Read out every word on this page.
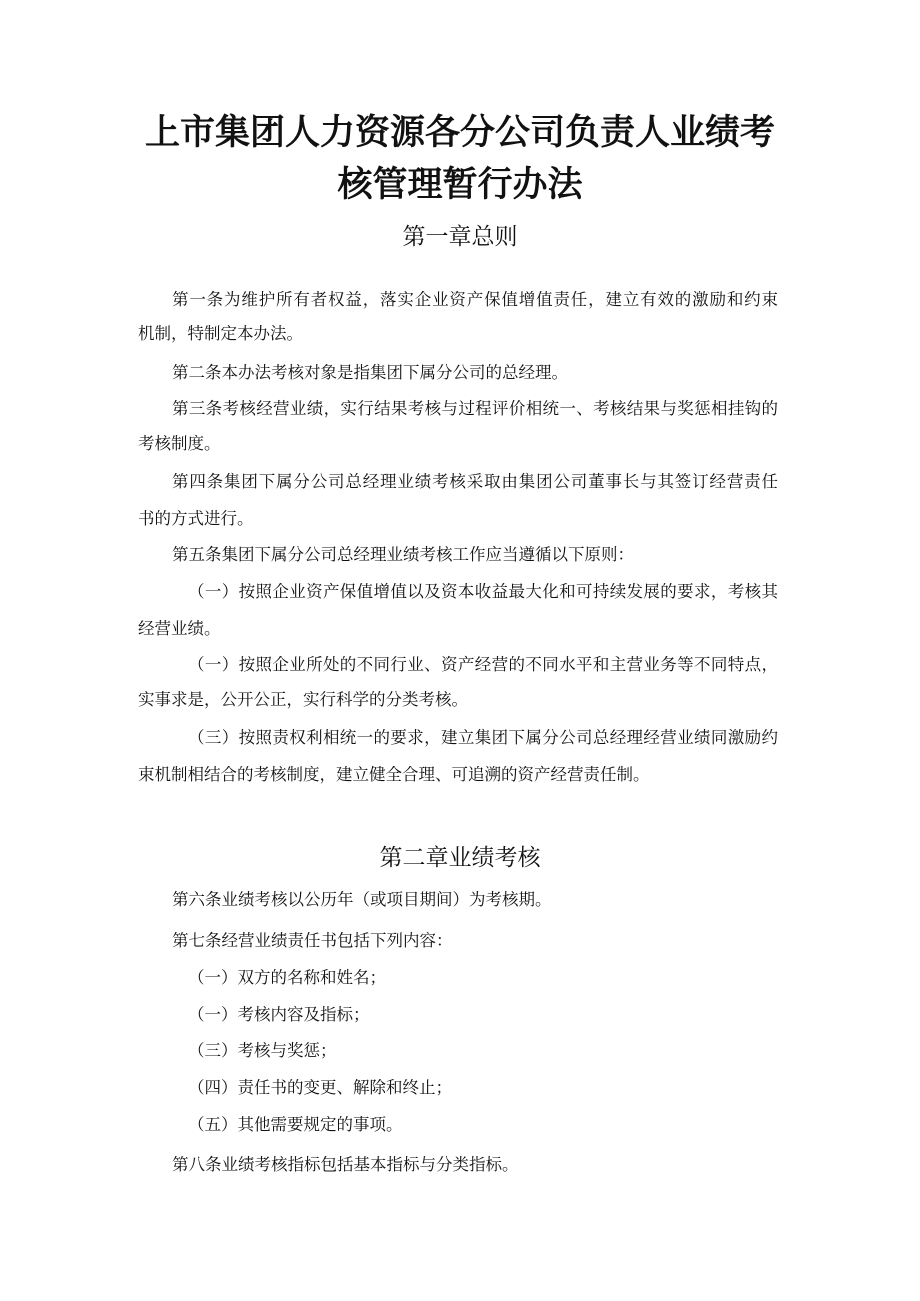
上市集团人力资源各分公司负责人业绩考
核管理暂行办法
第一章总则
第一条为维护所有者权益，落实企业资产保值增值责任，建立有效的激励和约束
机制，特制定本办法。
第二条本办法考核对象是指集团下属分公司的总经理。
第三条考核经营业绩，实行结果考核与过程评价相统一、考核结果与奖惩相挂钩的
考核制度。
第四条集团下属分公司总经理业绩考核采取由集团公司董事长与其签订经营责任
书的方式进行。
第五条集团下属分公司总经理业绩考核工作应当遵循以下原则：
（一）按照企业资产保值增值以及资本收益最大化和可持续发展的要求，考核其
经营业绩。
（一）按照企业所处的不同行业、资产经营的不同水平和主营业务等不同特点，
实事求是，公开公正，实行科学的分类考核。
（三）按照责权利相统一的要求，建立集团下属分公司总经理经营业绩同激励约
束机制相结合的考核制度，建立健全合理、可追溯的资产经营责任制。
第二章业绩考核
第六条业绩考核以公历年（或项目期间）为考核期。
第七条经营业绩责任书包括下列内容：
（一）双方的名称和姓名；
（一）考核内容及指标；
（三）考核与奖惩；
（四）责任书的变更、解除和终止；
（五）其他需要规定的事项。
第八条业绩考核指标包括基本指标与分类指标。
